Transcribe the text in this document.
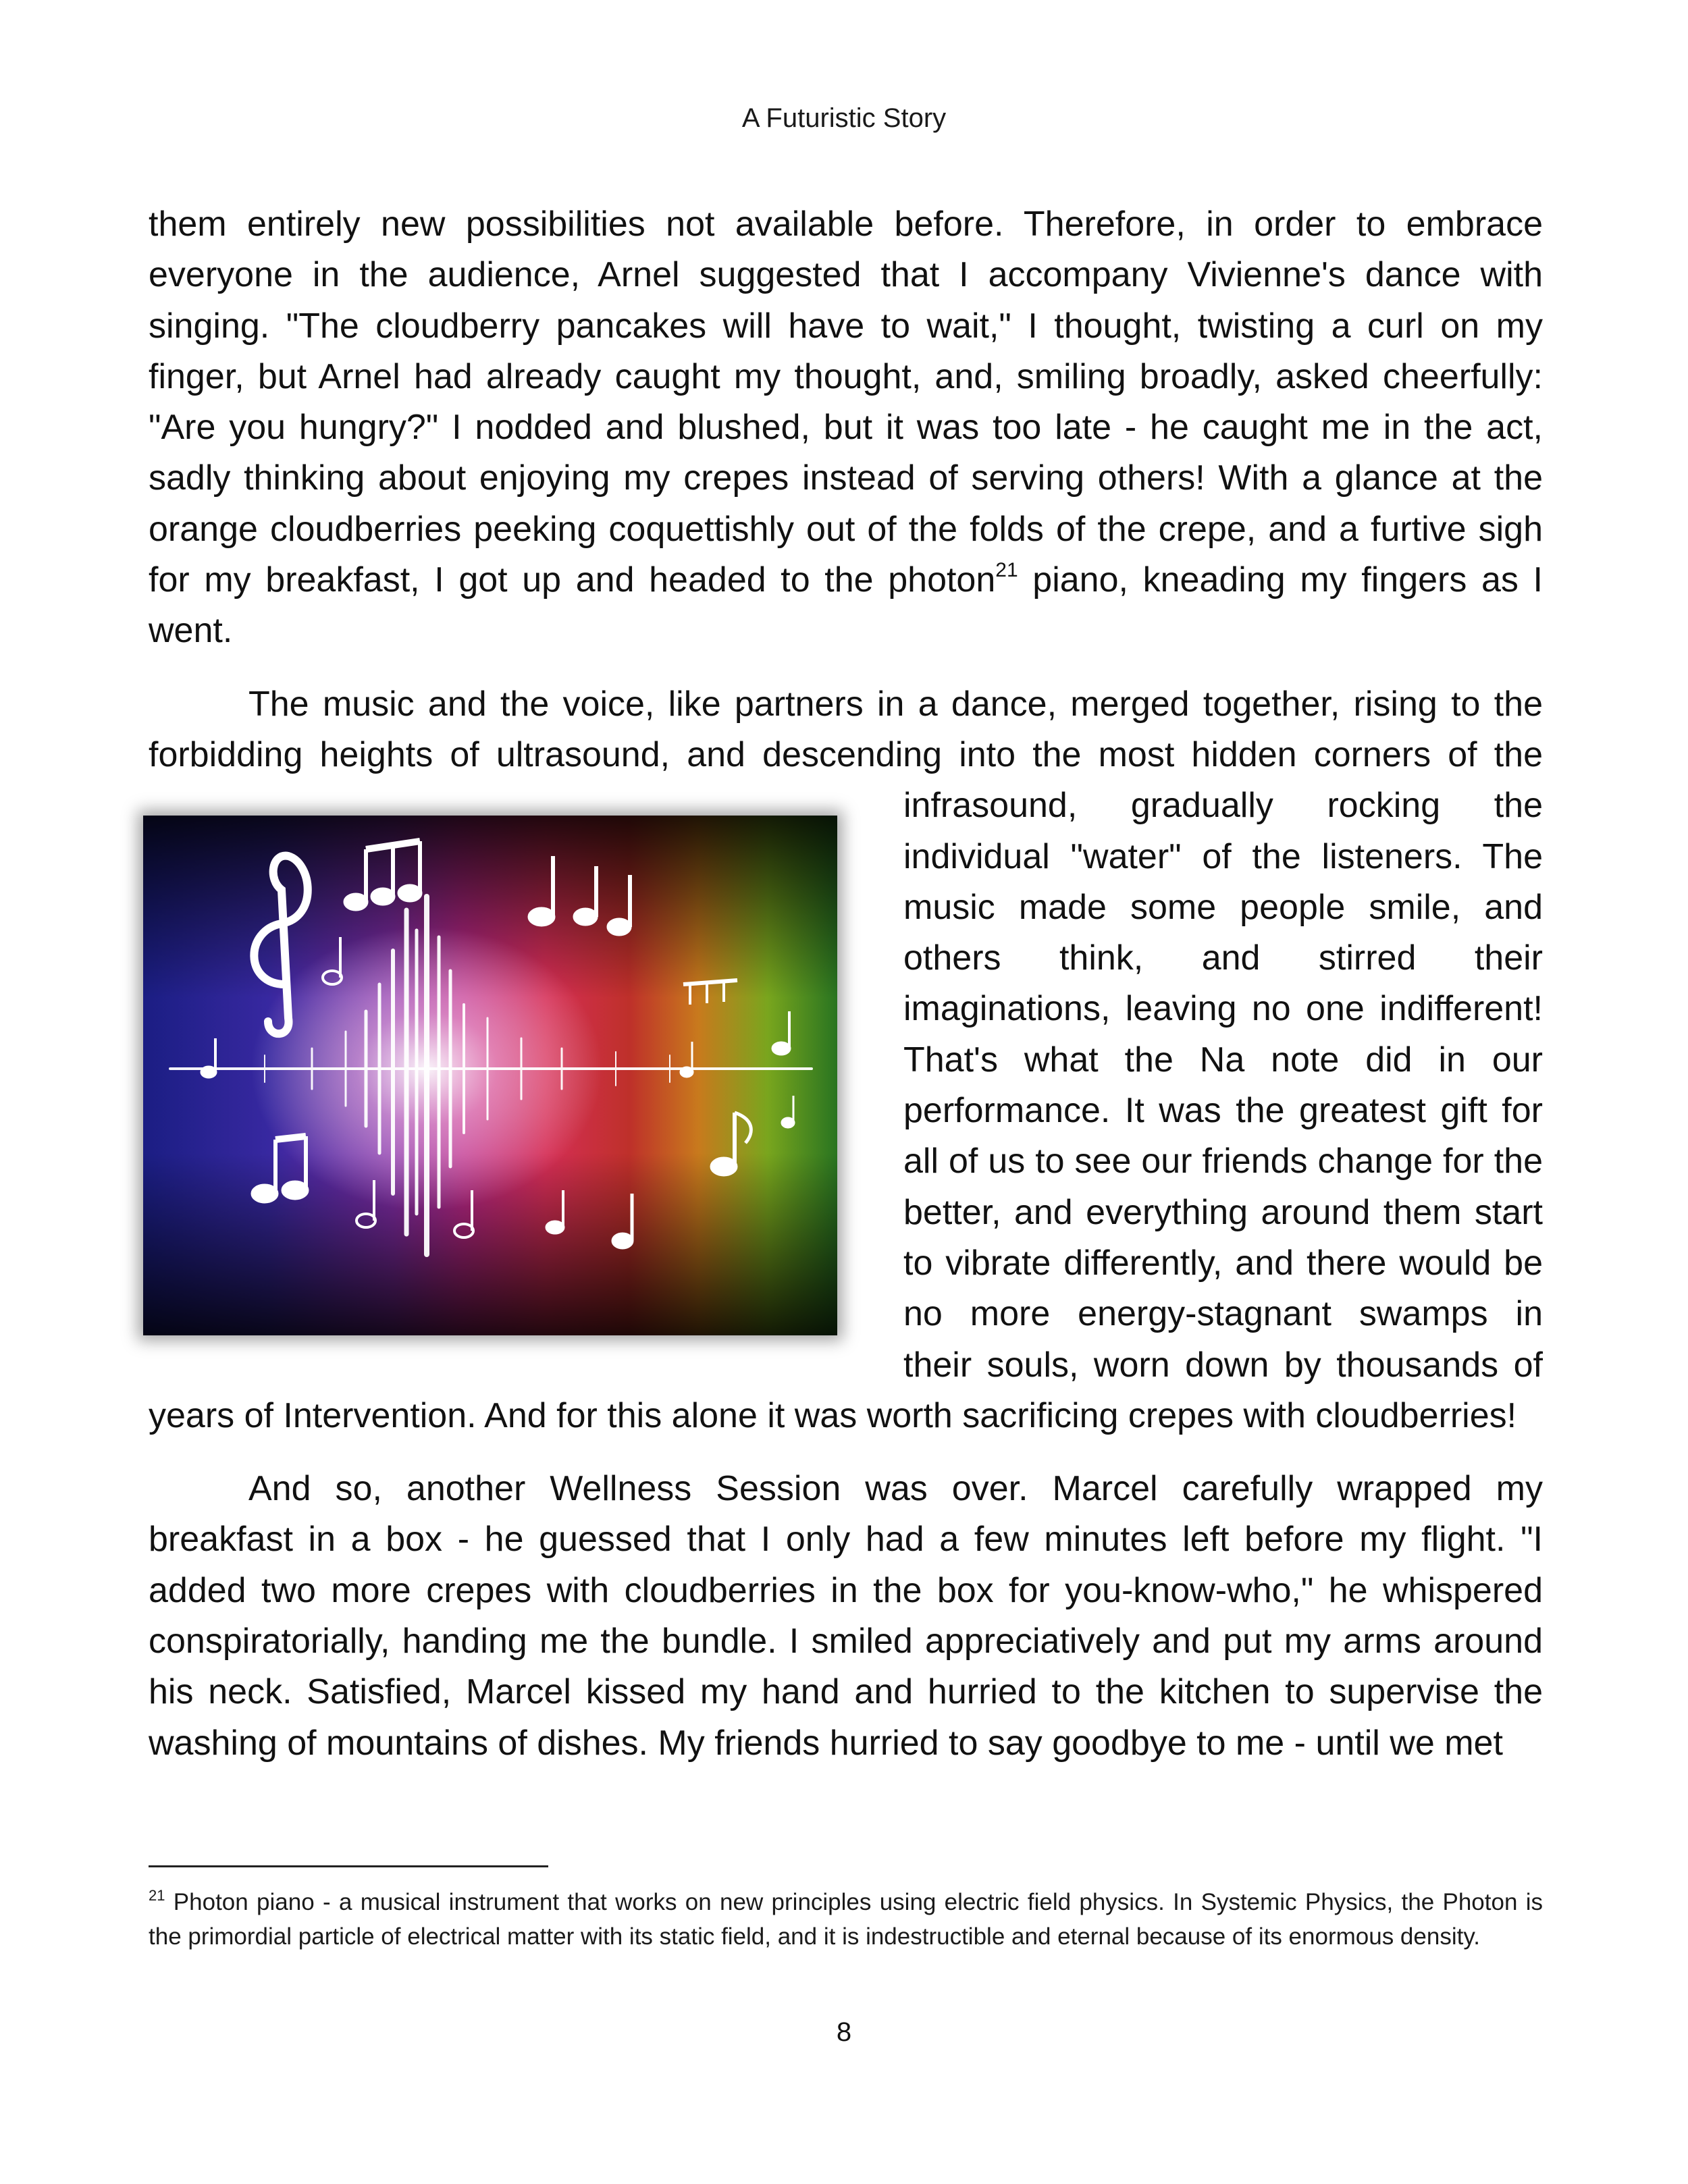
A Futuristic Story

them entirely new possibilities not available before. Therefore, in order to embrace everyone in the audience, Arnel suggested that I accompany Vivienne's dance with singing. "The cloudberry pancakes will have to wait," I thought, twisting a curl on my finger, but Arnel had already caught my thought, and, smiling broadly, asked cheerfully: "Are you hungry?" I nodded and blushed, but it was too late - he caught me in the act, sadly thinking about enjoying my crepes instead of serving others! With a glance at the orange cloudberries peeking coquettishly out of the folds of the crepe, and a furtive sigh for my breakfast, I got up and headed to the photon$^{21}$ piano, kneading my fingers as I went.

The music and the voice, like partners in a dance, merged together, rising to the forbidding heights of ultrasound, and descending into the most hidden corners of the
infrasound, gradually rocking the individual "water" of the listeners. The music made some people smile, and others think, and stirred their imaginations, leaving no one indifferent! That's what the Na note did in our performance. It was the greatest gift for all of us to see our friends change for the better, and everything around them start to vibrate differently, and there would be no more energy-stagnant swamps in their souls, worn down by thousands of years of Intervention. And for this alone it was worth sacrificing crepes with cloudberries!

And so, another Wellness Session was over. Marcel carefully wrapped my breakfast in a box - he guessed that I only had a few minutes left before my flight. "I added two more crepes with cloudberries in the box for you-know-who," he whispered conspiratorially, handing me the bundle. I smiled appreciatively and put my arms around his neck. Satisfied, Marcel kissed my hand and hurried to the kitchen to supervise the washing of mountains of dishes. My friends hurried to say goodbye to me - until we met

$^{21}$ Photon piano - a musical instrument that works on new principles using electric field physics. In Systemic Physics, the Photon is the primordial particle of electrical matter with its static field, and it is indestructible and eternal because of its enormous density.
8
